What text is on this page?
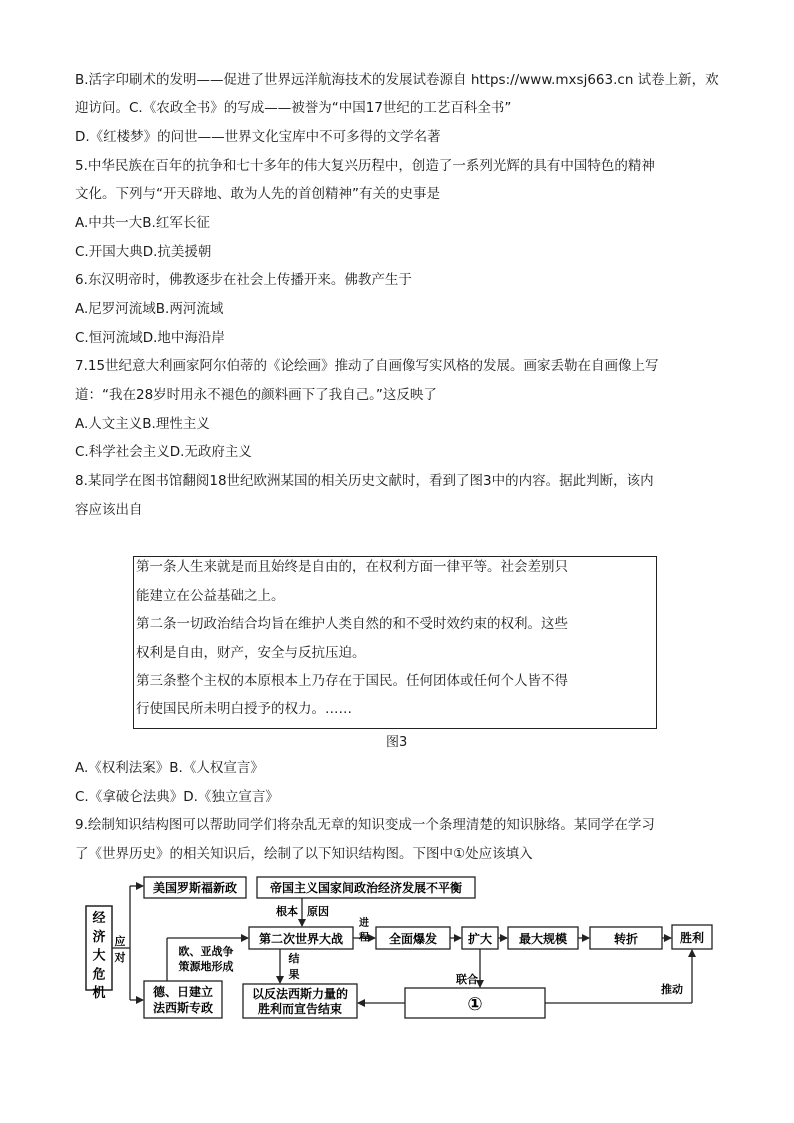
B.活字印刷术的发明——促进了世界远洋航海技术的发展试卷源自 https://www.mxsj663.cn 试卷上新，欢
迎访问。C.《农政全书》的写成——被誉为“中国17世纪的工艺百科全书”
D.《红楼梦》的问世——世界文化宝库中不可多得的文学名著
5.中华民族在百年的抗争和七十多年的伟大复兴历程中，创造了一系列光辉的具有中国特色的精神
文化。下列与“开天辟地、敢为人先的首创精神”有关的史事是
A.中共一大B.红军长征
C.开国大典D.抗美援朝
6.东汉明帝时，佛教逐步在社会上传播开来。佛教产生于
A.尼罗河流域B.两河流域
C.恒河流域D.地中海沿岸
7.15世纪意大利画家阿尔伯蒂的《论绘画》推动了自画像写实风格的发展。画家丢勒在自画像上写
道：“我在28岁时用永不褪色的颜料画下了我自己。”这反映了
A.人文主义B.理性主义
C.科学社会主义D.无政府主义
8.某同学在图书馆翻阅18世纪欧洲某国的相关历史文献时，看到了图3中的内容。据此判断，该内
容应该出自
第一条人生来就是而且始终是自由的，在权利方面一律平等。社会差别只
能建立在公益基础之上。
第二条一切政治结合均旨在维护人类自然的和不受时效约束的权利。这些
权利是自由，财产，安全与反抗压迫。
第三条整个主权的本原根本上乃存在于国民。任何团体或任何个人皆不得
行使国民所未明白授予的权力。……
图3
A.《权利法案》B.《人权宣言》
C.《拿破仑法典》D.《独立宣言》
9.绘制知识结构图可以帮助同学们将杂乱无章的知识变成一个条理清楚的知识脉络。某同学在学习
了《世界历史》的相关知识后，绘制了以下知识结构图。下图中①处应该填入
经济大危机
应对
美国罗斯福新政	帝国主义国家间政治经济发展不平衡
根本 原因
第二次世界大战
进程 全面爆发	扩大 最大规模	转折	胜利
欧、亚战争
策源地形成
德、日建立
法西斯专政
结果
以反法西斯力量的
胜利而宣告结束
联合
①
推动
